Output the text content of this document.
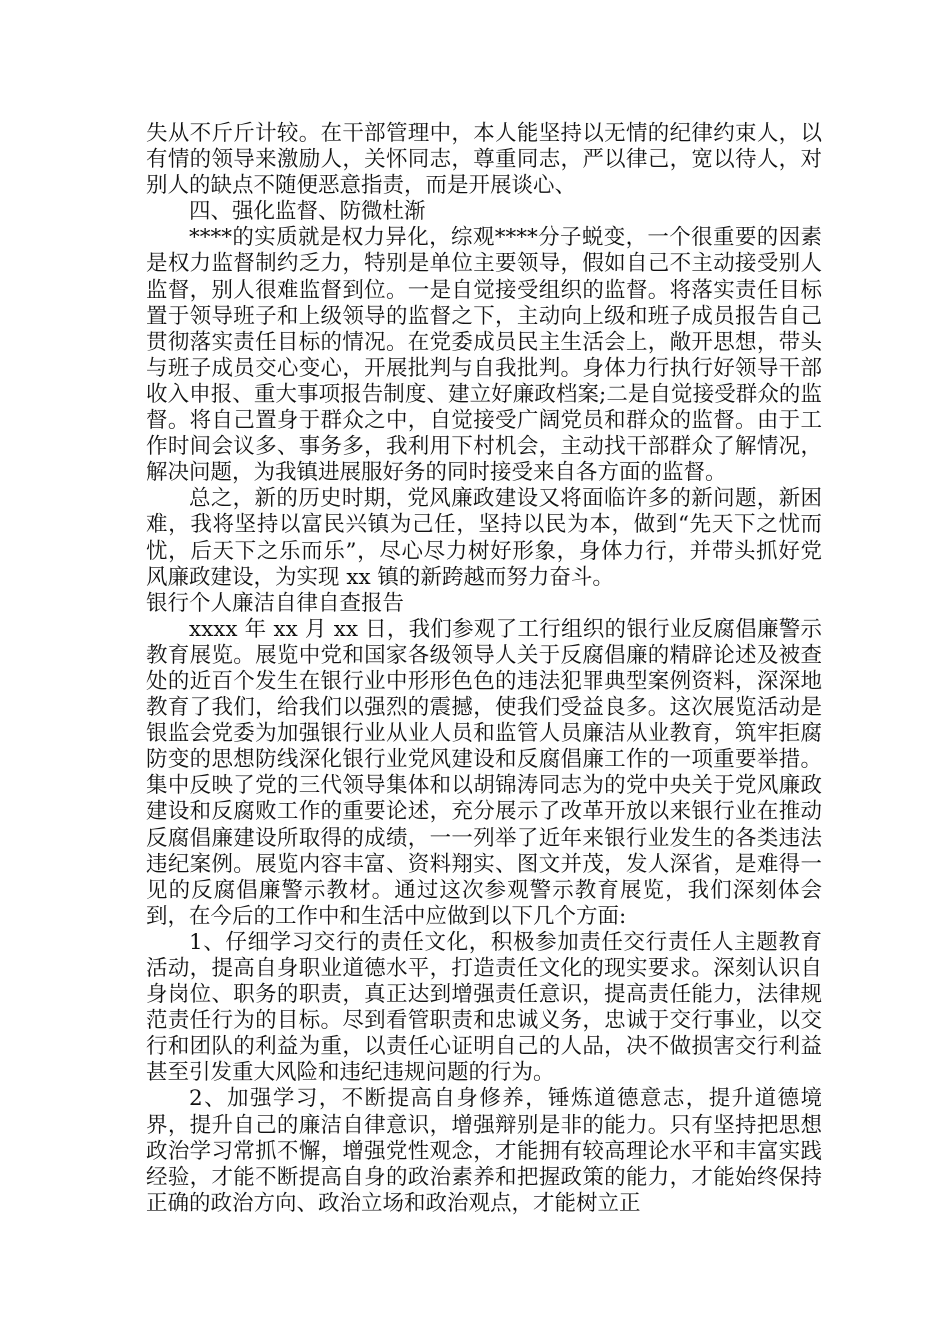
失从不斤斤计较。在干部管理中，本人能坚持以无情的纪律约束人，以有情的领导来激励人，关怀同志，尊重同志，严以律己，宽以待人，对别人的缺点不随便恶意指责，而是开展谈心、

四、强化监督、防微杜渐

****的实质就是权力异化，综观****分子蜕变，一个很重要的因素是权力监督制约乏力，特别是单位主要领导，假如自己不主动接受别人监督，别人很难监督到位。一是自觉接受组织的监督。将落实责任目标置于领导班子和上级领导的监督之下，主动向上级和班子成员报告自己贯彻落实责任目标的情况。在党委成员民主生活会上，敞开思想，带头与班子成员交心变心，开展批判与自我批判。身体力行执行好领导干部收入申报、重大事项报告制度、建立好廉政档案;二是自觉接受群众的监督。将自己置身于群众之中，自觉接受广阔党员和群众的监督。由于工作时间会议多、事务多，我利用下村机会，主动找干部群众了解情况，解决问题，为我镇进展服好务的同时接受来自各方面的监督。

总之，新的历史时期，党风廉政建设又将面临许多的新问题，新困难，我将坚持以富民兴镇为己任，坚持以民为本，做到“先天下之忧而忧，后天下之乐而乐”，尽心尽力树好形象，身体力行，并带头抓好党风廉政建设，为实现 xx 镇的新跨越而努力奋斗。

银行个人廉洁自律自查报告

xxxx 年 xx 月 xx 日，我们参观了工行组织的银行业反腐倡廉警示教育展览。展览中党和国家各级领导人关于反腐倡廉的精辟论述及被查处的近百个发生在银行业中形形色色的违法犯罪典型案例资料，深深地教育了我们，给我们以强烈的震撼，使我们受益良多。这次展览活动是银监会党委为加强银行业从业人员和监管人员廉洁从业教育，筑牢拒腐防变的思想防线深化银行业党风建设和反腐倡廉工作的一项重要举措。集中反映了党的三代领导集体和以胡锦涛同志为的党中央关于党风廉政建设和反腐败工作的重要论述，充分展示了改革开放以来银行业在推动反腐倡廉建设所取得的成绩，一一列举了近年来银行业发生的各类违法违纪案例。展览内容丰富、资料翔实、图文并茂，发人深省，是难得一见的反腐倡廉警示教材。通过这次参观警示教育展览，我们深刻体会到，在今后的工作中和生活中应做到以下几个方面:

1、仔细学习交行的责任文化，积极参加责任交行责任人主题教育活动，提高自身职业道德水平，打造责任文化的现实要求。深刻认识自身岗位、职务的职责，真正达到增强责任意识，提高责任能力，法律规范责任行为的目标。尽到看管职责和忠诚义务，忠诚于交行事业，以交行和团队的利益为重，以责任心证明自己的人品，决不做损害交行利益甚至引发重大风险和违纪违规问题的行为。

2、加强学习，不断提高自身修养，锤炼道德意志，提升道德境界，提升自己的廉洁自律意识，增强辩别是非的能力。只有坚持把思想政治学习常抓不懈，增强党性观念，才能拥有较高理论水平和丰富实践经验，才能不断提高自身的政治素养和把握政策的能力，才能始终保持正确的政治方向、政治立场和政治观点，才能树立正
